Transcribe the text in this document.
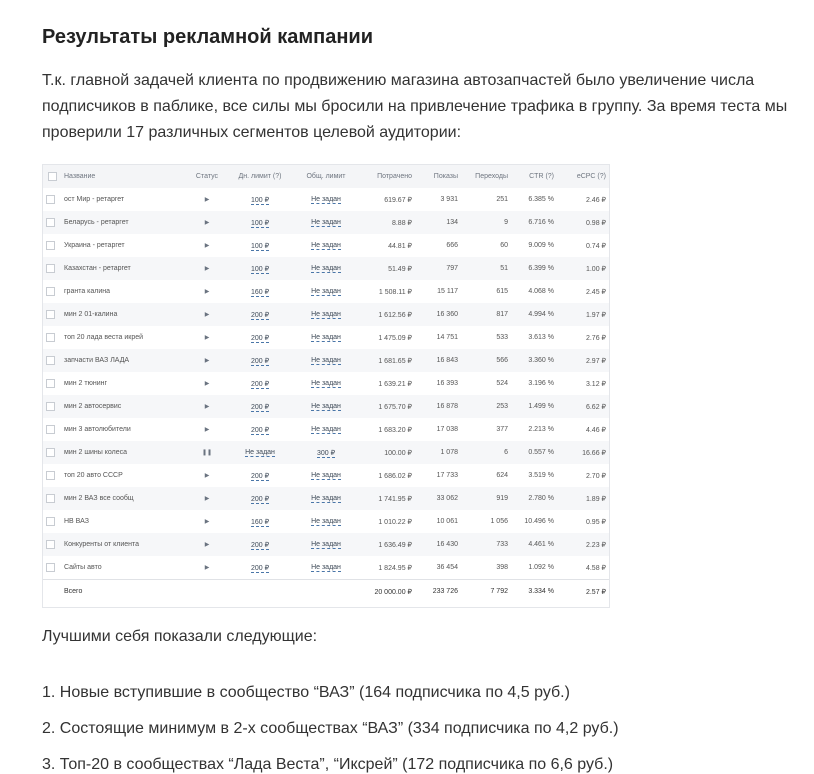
Результаты рекламной кампании

Т.к. главной задачей клиента по продвижению магазина автозапчастей было увеличение числа подписчиков в паблике, все силы мы бросили на привлечение трафика в группу. За время теста мы проверили 17 различных сегментов целевой аудитории:

	Название	Статус	Дн. лимит (?)	Общ. лимит	Потрачено	Показы	Переходы	CTR (?)	eCPC (?)
	ост Мир - ретаргет	▶	100 ₽	Не задан	619.67 ₽	3 931	251	6.385 %	2.46 ₽
	Беларусь - ретаргет	▶	100 ₽	Не задан	8.88 ₽	134	9	6.716 %	0.98 ₽
	Украина - ретаргет	▶	100 ₽	Не задан	44.81 ₽	666	60	9.009 %	0.74 ₽
	Казахстан - ретаргет	▶	100 ₽	Не задан	51.49 ₽	797	51	6.399 %	1.00 ₽
	гранта калина	▶	160 ₽	Не задан	1 508.11 ₽	15 117	615	4.068 %	2.45 ₽
	мин 2 01-калина	▶	200 ₽	Не задан	1 612.56 ₽	16 360	817	4.994 %	1.97 ₽
	топ 20 лада веста икрей	▶	200 ₽	Не задан	1 475.09 ₽	14 751	533	3.613 %	2.76 ₽
	запчасти ВАЗ ЛАДА	▶	200 ₽	Не задан	1 681.65 ₽	16 843	566	3.360 %	2.97 ₽
	мин 2 тюнинг	▶	200 ₽	Не задан	1 639.21 ₽	16 393	524	3.196 %	3.12 ₽
	мин 2 автосервис	▶	200 ₽	Не задан	1 675.70 ₽	16 878	253	1.499 %	6.62 ₽
	мин 3 автолюбители	▶	200 ₽	Не задан	1 683.20 ₽	17 038	377	2.213 %	4.46 ₽
	мин 2 шины колеса	❚❚	Не задан	300 ₽	100.00 ₽	1 078	6	0.557 %	16.66 ₽
	топ 20 авто СССР	▶	200 ₽	Не задан	1 686.02 ₽	17 733	624	3.519 %	2.70 ₽
	мин 2 ВАЗ все сообщ	▶	200 ₽	Не задан	1 741.95 ₽	33 062	919	2.780 %	1.89 ₽
	НВ ВАЗ	▶	160 ₽	Не задан	1 010.22 ₽	10 061	1 056	10.496 %	0.95 ₽
	Конкуренты от клиента	▶	200 ₽	Не задан	1 636.49 ₽	16 430	733	4.461 %	2.23 ₽
	Сайты авто	▶	200 ₽	Не задан	1 824.95 ₽	36 454	398	1.092 %	4.58 ₽
	Всего				20 000.00 ₽	233 726	7 792	3.334 %	2.57 ₽
Лучшими себя показали следующие:
1. Новые вступившие в сообщество “ВАЗ” (164 подписчика по 4,5 руб.)
2. Состоящие минимум в 2-х сообществах “ВАЗ” (334 подписчика по 4,2 руб.)
3. Топ-20 в сообществах “Лада Веста”, “Иксрей” (172 подписчика по 6,6 руб.)
